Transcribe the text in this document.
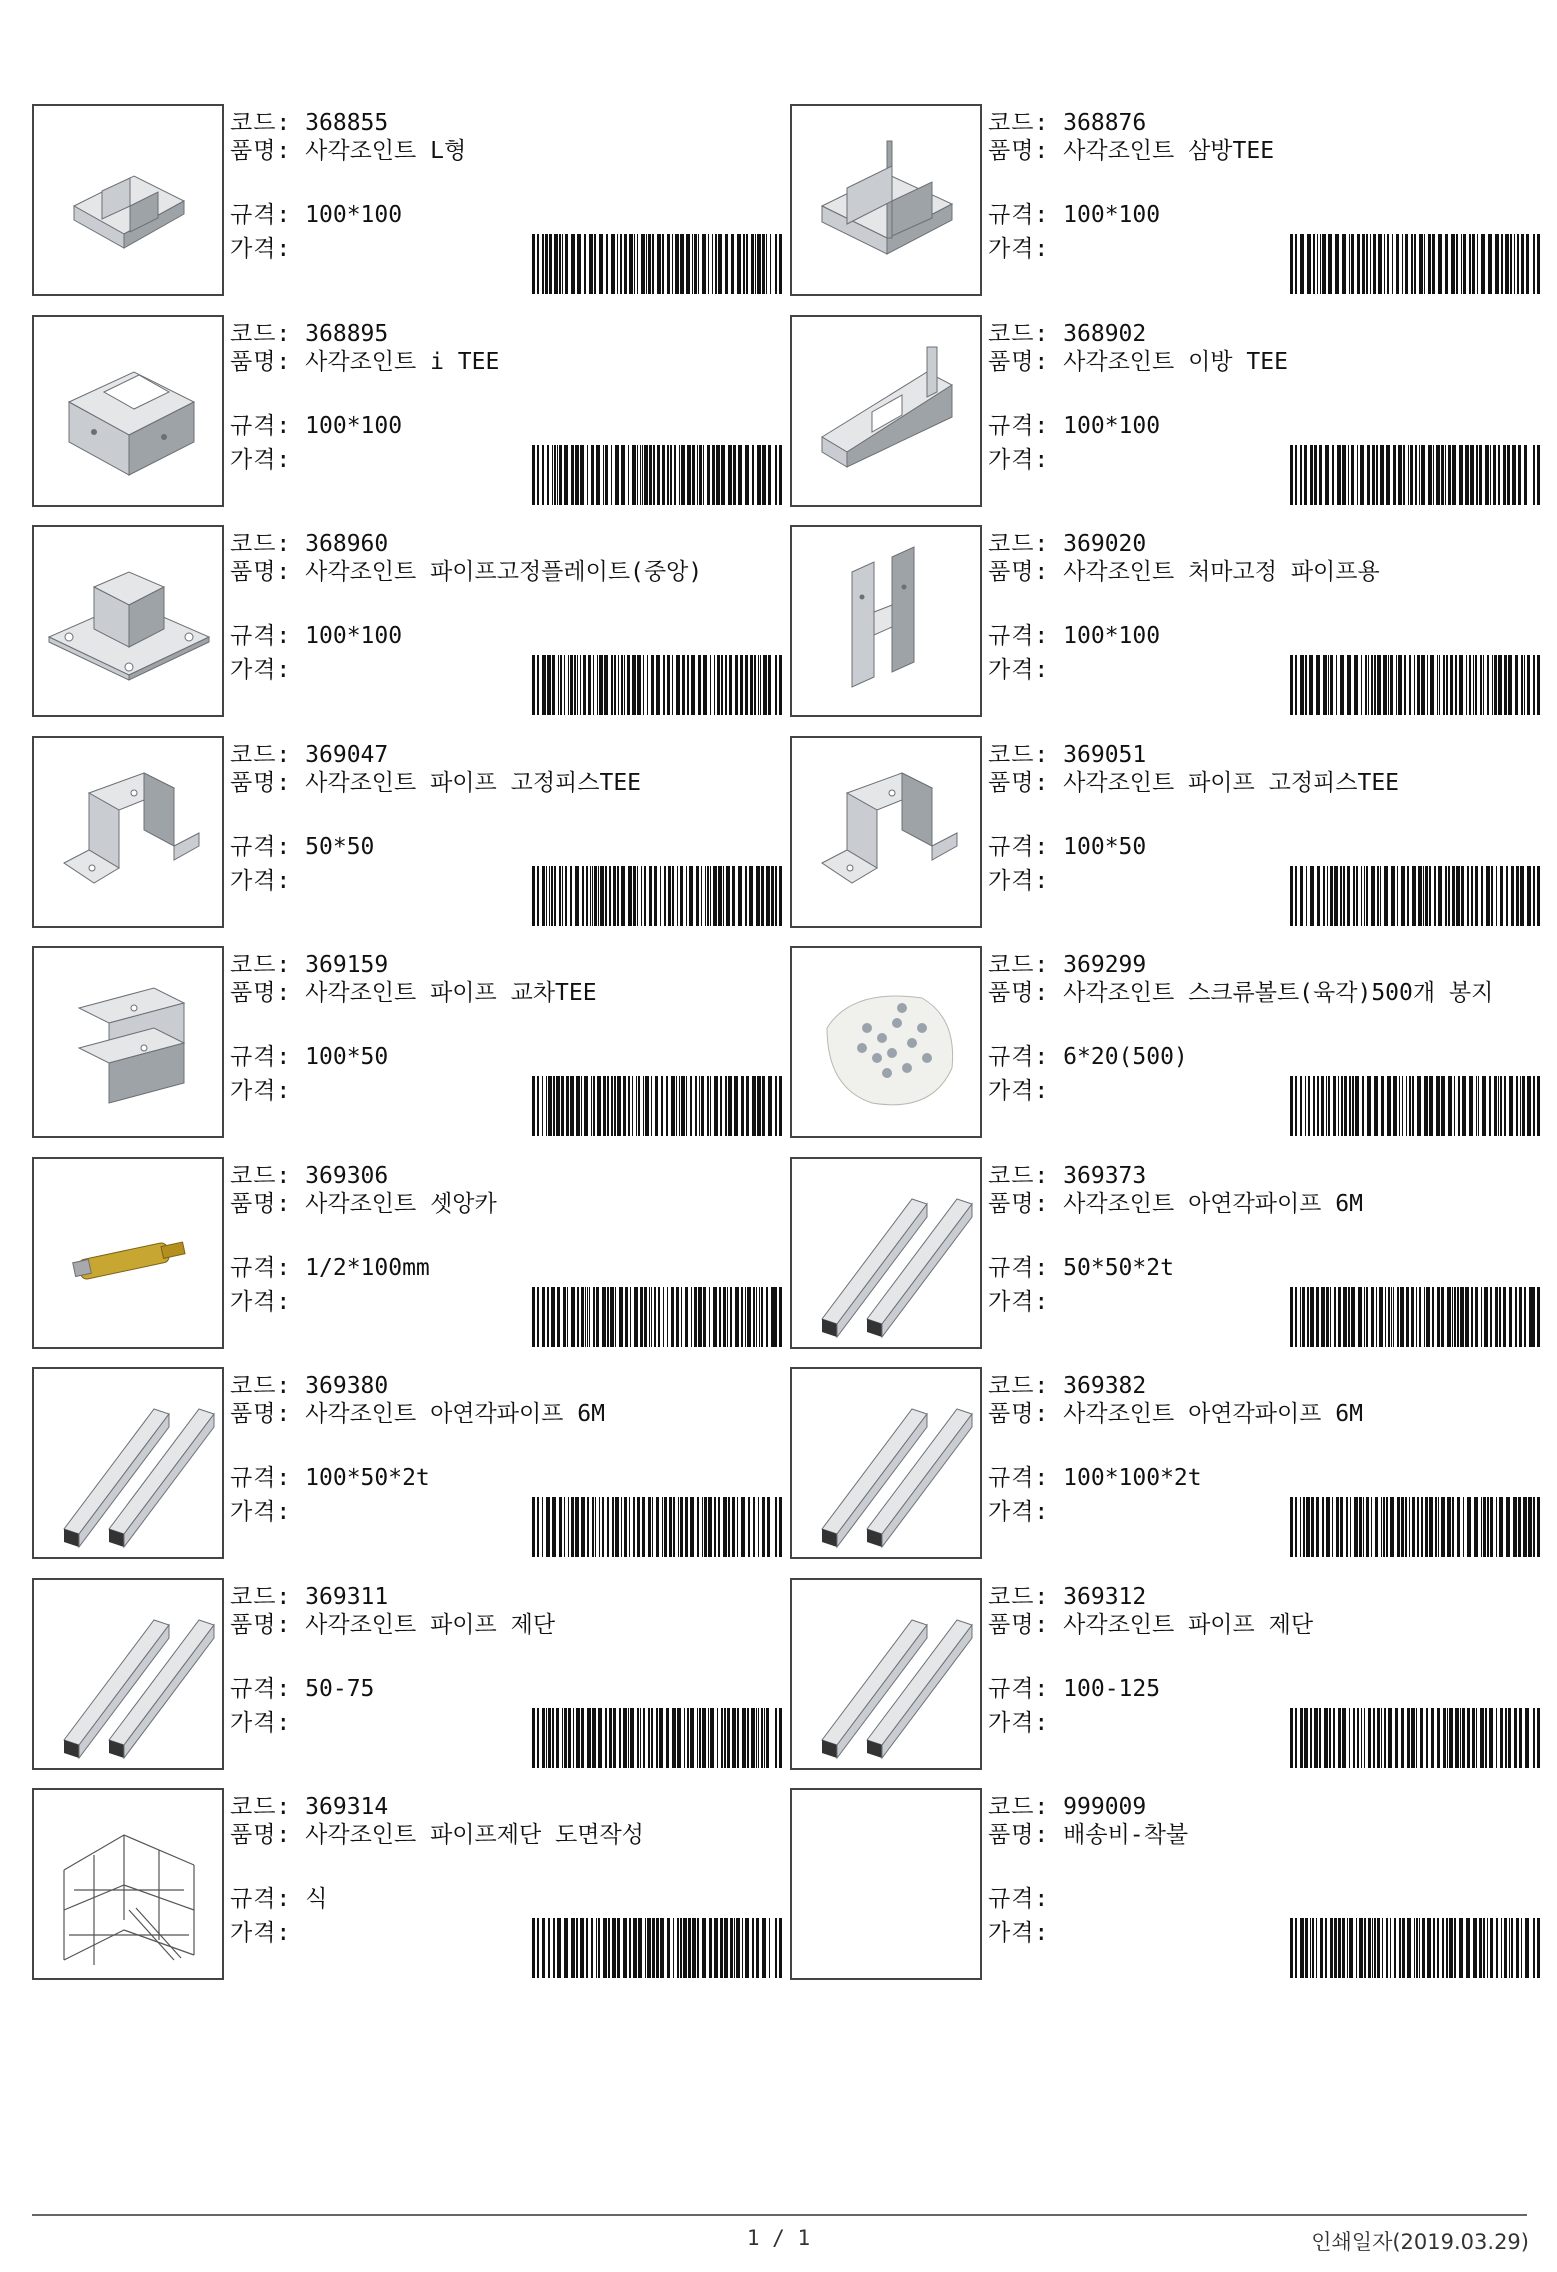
코드: 368855
품명: 사각조인트 L형
규격: 100*100
가격:
코드: 368876
품명: 사각조인트 삼방TEE
규격: 100*100
가격:
코드: 368895
품명: 사각조인트 i TEE
규격: 100*100
가격:
코드: 368902
품명: 사각조인트 이방 TEE
규격: 100*100
가격:
코드: 368960
품명: 사각조인트 파이프고정플레이트(중앙)
규격: 100*100
가격:
코드: 369020
품명: 사각조인트 처마고정 파이프용
규격: 100*100
가격:
코드: 369047
품명: 사각조인트 파이프 고정피스TEE
규격: 50*50
가격:
코드: 369051
품명: 사각조인트 파이프 고정피스TEE
규격: 100*50
가격:
코드: 369159
품명: 사각조인트 파이프 교차TEE
규격: 100*50
가격:
코드: 369299
품명: 사각조인트 스크류볼트(육각)500개 봉지
규격: 6*20(500)
가격:
코드: 369306
품명: 사각조인트 셋앙카
규격: 1/2*100mm
가격:
코드: 369373
품명: 사각조인트 아연각파이프 6M
규격: 50*50*2t
가격:
코드: 369380
품명: 사각조인트 아연각파이프 6M
규격: 100*50*2t
가격:
코드: 369382
품명: 사각조인트 아연각파이프 6M
규격: 100*100*2t
가격:
코드: 369311
품명: 사각조인트 파이프 제단
규격: 50-75
가격:
코드: 369312
품명: 사각조인트 파이프 제단
규격: 100-125
가격:
코드: 369314
품명: 사각조인트 파이프제단 도면작성
규격: 식
가격:
코드: 999009
품명: 배송비-착불
규격:
가격:
1 / 1	인쇄일자(2019.03.29)
